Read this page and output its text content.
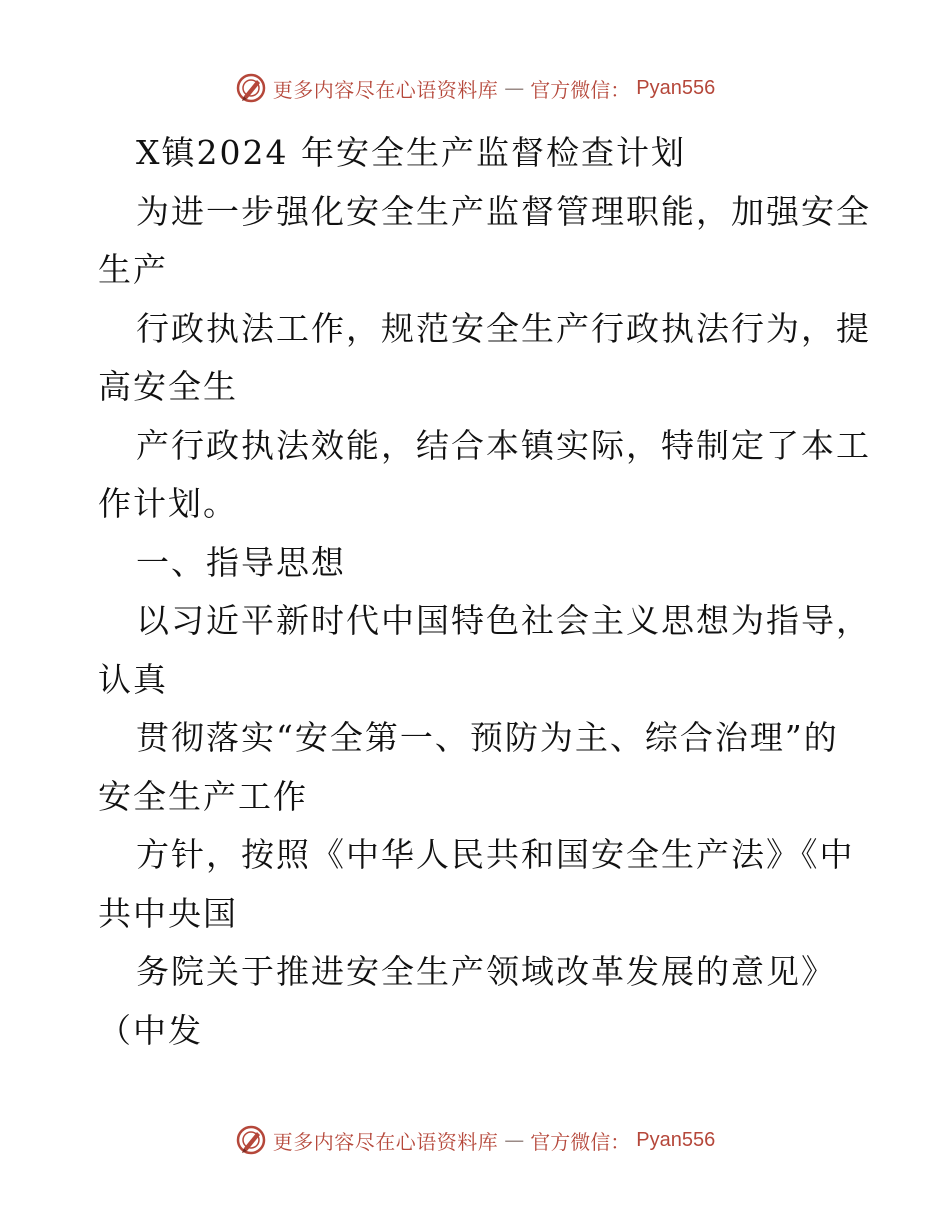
更多内容尽在心语资料库 — 官方微信： Pyan556
X镇2024 年安全生产监督检查计划
为进一步强化安全生产监督管理职能，加强安全
生产
行政执法工作，规范安全生产行政执法行为，提
高安全生
产行政执法效能，结合本镇实际，特制定了本工
作计划。
一、指导思想
以习近平新时代中国特色社会主义思想为指导，
认真
贯彻落实“安全第一、预防为主、综合治理”的
安全生产工作
方针，按照《中华人民共和国安全生产法》《中
共中央国
务院关于推进安全生产领域改革发展的意见》
（中发
更多内容尽在心语资料库 — 官方微信： Pyan556
